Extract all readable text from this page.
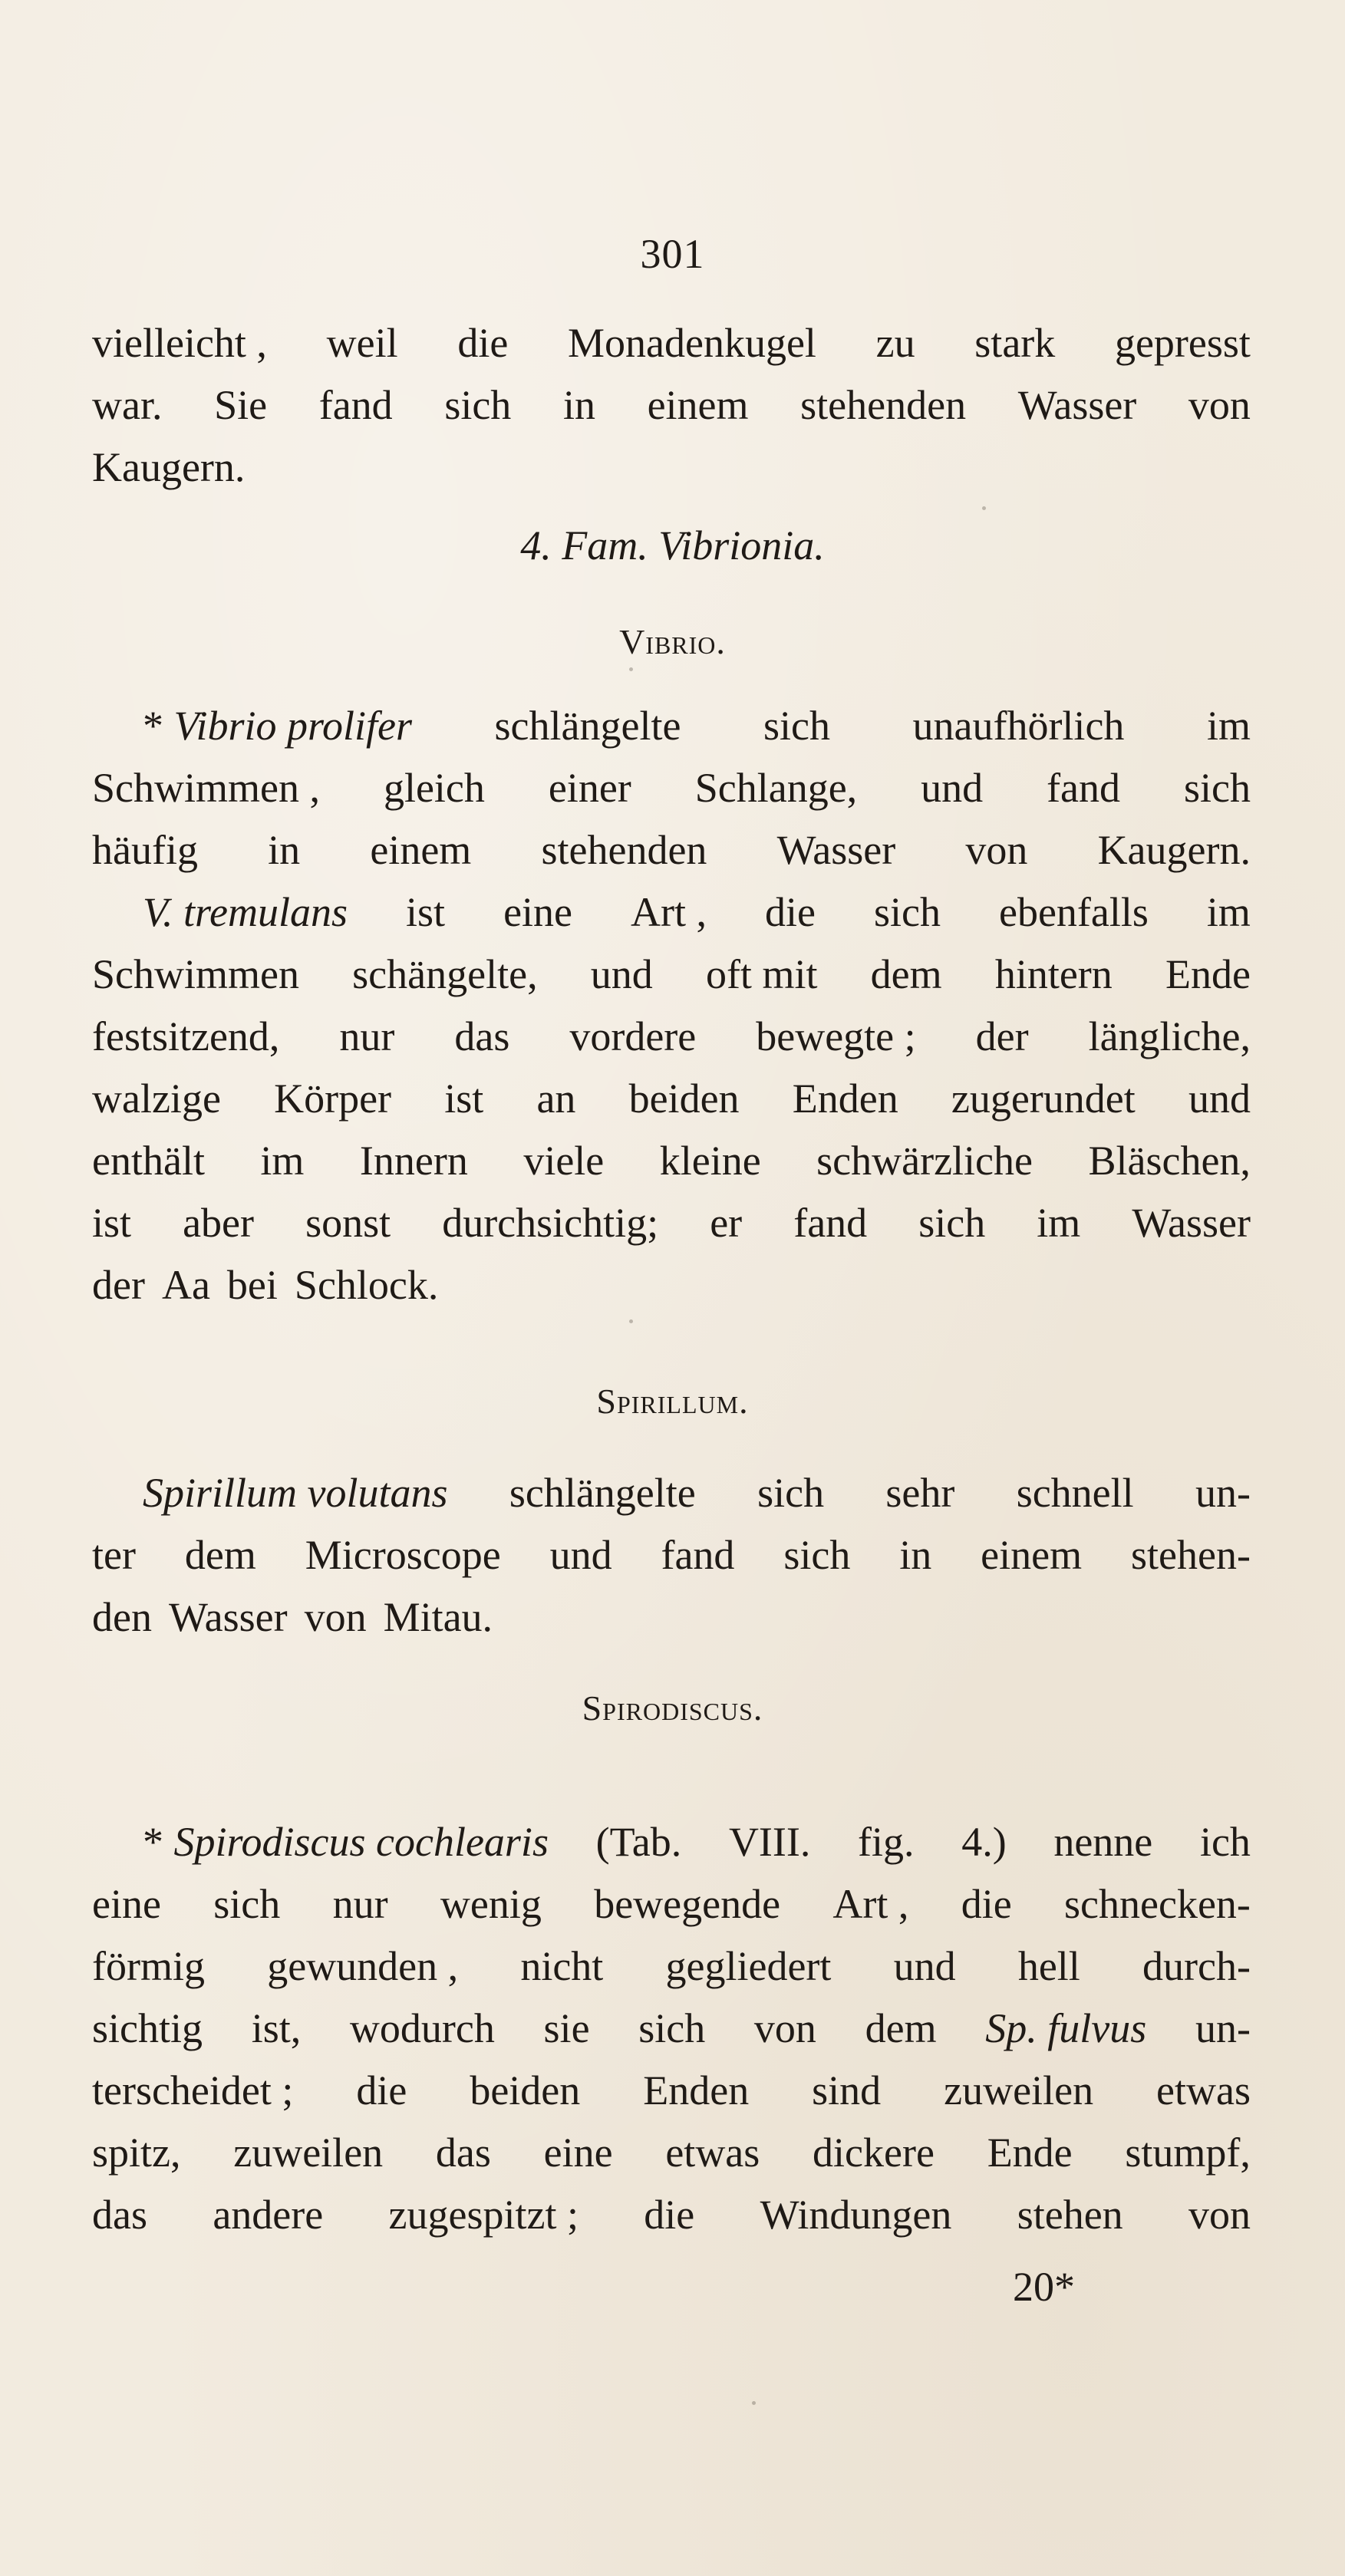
301
vielleicht , weil die Monadenkugel zu stark gepresst
war. Sie fand sich in einem stehenden Wasser von
Kaugern.
4. Fam. Vibrionia.
Vibrio.
* Vibrio prolifer schlängelte sich unaufhörlich im
Schwimmen , gleich einer Schlange, und fand sich
häufig in einem stehenden Wasser von Kaugern.
V. tremulans ist eine Art , die sich ebenfalls im
Schwimmen schängelte, und oft mit dem hintern Ende
festsitzend, nur das vordere bewegte ; der längliche,
walzige Körper ist an beiden Enden zugerundet und
enthält im Innern viele kleine schwärzliche Bläschen,
ist aber sonst durchsichtig; er fand sich im Wasser
der Aa bei Schlock.
Spirillum.
Spirillum volutans schlängelte sich sehr schnell un-
ter dem Microscope und fand sich in einem stehen-
den Wasser von Mitau.
Spirodiscus.
* Spirodiscus cochlearis (Tab. VIII. fig. 4.) nenne ich
eine sich nur wenig bewegende Art , die schnecken-
förmig gewunden , nicht gegliedert und hell durch-
sichtig ist, wodurch sie sich von dem Sp. fulvus un-
terscheidet ; die beiden Enden sind zuweilen etwas
spitz, zuweilen das eine etwas dickere Ende stumpf,
das andere zugespitzt ; die Windungen stehen von
20*
